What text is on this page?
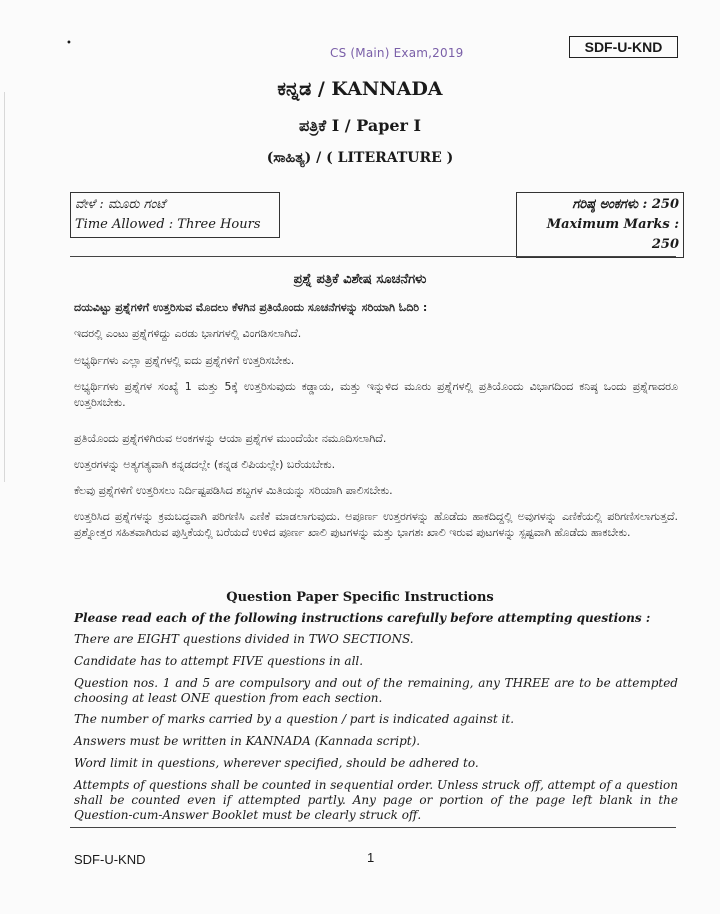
•
CS (Main) Exam,2019	SDF-U-KND
ಕನ್ನಡ / KANNADA
ಪತ್ರಿಕೆ I / Paper I
(ಸಾಹಿತ್ಯ) / ( LITERATURE )
ವೇಳೆ : ಮೂರು ಗಂಟೆ
Time Allowed : Three Hours
ಗರಿಷ್ಠ ಅಂಕಗಳು : 250
Maximum Marks : 250
ಪ್ರಶ್ನೆ ಪತ್ರಿಕೆ ವಿಶೇಷ ಸೂಚನೆಗಳು
ದಯವಿಟ್ಟು ಪ್ರಶ್ನೆಗಳಿಗೆ ಉತ್ತರಿಸುವ ಮೊದಲು ಕೆಳಗಿನ ಪ್ರತಿಯೊಂದು ಸೂಚನೆಗಳನ್ನು ಸರಿಯಾಗಿ ಓದಿರಿ :
ಇದರಲ್ಲಿ ಎಂಟು ಪ್ರಶ್ನೆಗಳಿದ್ದು ಎರಡು ಭಾಗಗಳಲ್ಲಿ ವಿಂಗಡಿಸಲಾಗಿದೆ.
ಅಭ್ಯರ್ಥಿಗಳು ಎಲ್ಲಾ ಪ್ರಶ್ನೆಗಳಲ್ಲಿ ಐದು ಪ್ರಶ್ನೆಗಳಿಗೆ ಉತ್ತರಿಸಬೇಕು.
ಅಭ್ಯರ್ಥಿಗಳು ಪ್ರಶ್ನೆಗಳ ಸಂಖ್ಯೆ 1 ಮತ್ತು 5ಕ್ಕೆ ಉತ್ತರಿಸುವುದು ಕಡ್ಡಾಯ, ಮತ್ತು ಇನ್ನುಳಿದ ಮೂರು ಪ್ರಶ್ನೆಗಳಲ್ಲಿ ಪ್ರತಿಯೊಂದು ವಿಭಾಗದಿಂದ ಕನಿಷ್ಠ ಒಂದು ಪ್ರಶ್ನೆಗಾದರೂ ಉತ್ತರಿಸಬೇಕು.
ಪ್ರತಿಯೊಂದು ಪ್ರಶ್ನೆಗಳಿಗಿರುವ ಅಂಕಗಳನ್ನು ಆಯಾ ಪ್ರಶ್ನೆಗಳ ಮುಂದೆಯೇ ನಮೂದಿಸಲಾಗಿದೆ.
ಉತ್ತರಗಳನ್ನು ಅತ್ಯಗತ್ಯವಾಗಿ ಕನ್ನಡದಲ್ಲೇ (ಕನ್ನಡ ಲಿಪಿಯಲ್ಲೇ) ಬರೆಯಬೇಕು.
ಕೆಲವು ಪ್ರಶ್ನೆಗಳಿಗೆ ಉತ್ತರಿಸಲು ನಿರ್ದಿಷ್ಟಪಡಿಸಿದ ಶಬ್ದಗಳ ಮಿತಿಯನ್ನು ಸರಿಯಾಗಿ ಪಾಲಿಸಬೇಕು.
ಉತ್ತರಿಸಿದ ಪ್ರಶ್ನೆಗಳನ್ನು ಕ್ರಮಬದ್ಧವಾಗಿ ಪರಿಗಣಿಸಿ ಎಣಿಕೆ ಮಾಡಲಾಗುವುದು. ಅಪೂರ್ಣ ಉತ್ತರಗಳನ್ನು ಹೊಡೆದು ಹಾಕದಿದ್ದಲ್ಲಿ ಅವುಗಳನ್ನು ಎಣಿಕೆಯಲ್ಲಿ ಪರಿಗಣಿಸಲಾಗುತ್ತದೆ. ಪ್ರಶ್ನೋತ್ತರ ಸಹಿತವಾಗಿರುವ ಪುಸ್ತಿಕೆಯಲ್ಲಿ ಬರೆಯದೆ ಉಳಿದ ಪೂರ್ಣ ಖಾಲಿ ಪುಟಗಳನ್ನು ಮತ್ತು ಭಾಗಶಃ ಖಾಲಿ ಇರುವ ಪುಟಗಳನ್ನು ಸ್ಪಷ್ಟವಾಗಿ ಹೊಡೆದು ಹಾಕಬೇಕು.
Question Paper Specific Instructions
Please read each of the following instructions carefully before attempting questions :
There are EIGHT questions divided in TWO SECTIONS.
Candidate has to attempt FIVE questions in all.
Question nos. 1 and 5 are compulsory and out of the remaining, any THREE are to be attempted choosing at least ONE question from each section.
The number of marks carried by a question / part is indicated against it.
Answers must be written in KANNADA (Kannada script).
Word limit in questions, wherever specified, should be adhered to.
Attempts of questions shall be counted in sequential order. Unless struck off, attempt of a question shall be counted even if attempted partly. Any page or portion of the page left blank in the Question-cum-Answer Booklet must be clearly struck off.
SDF-U-KND	1
